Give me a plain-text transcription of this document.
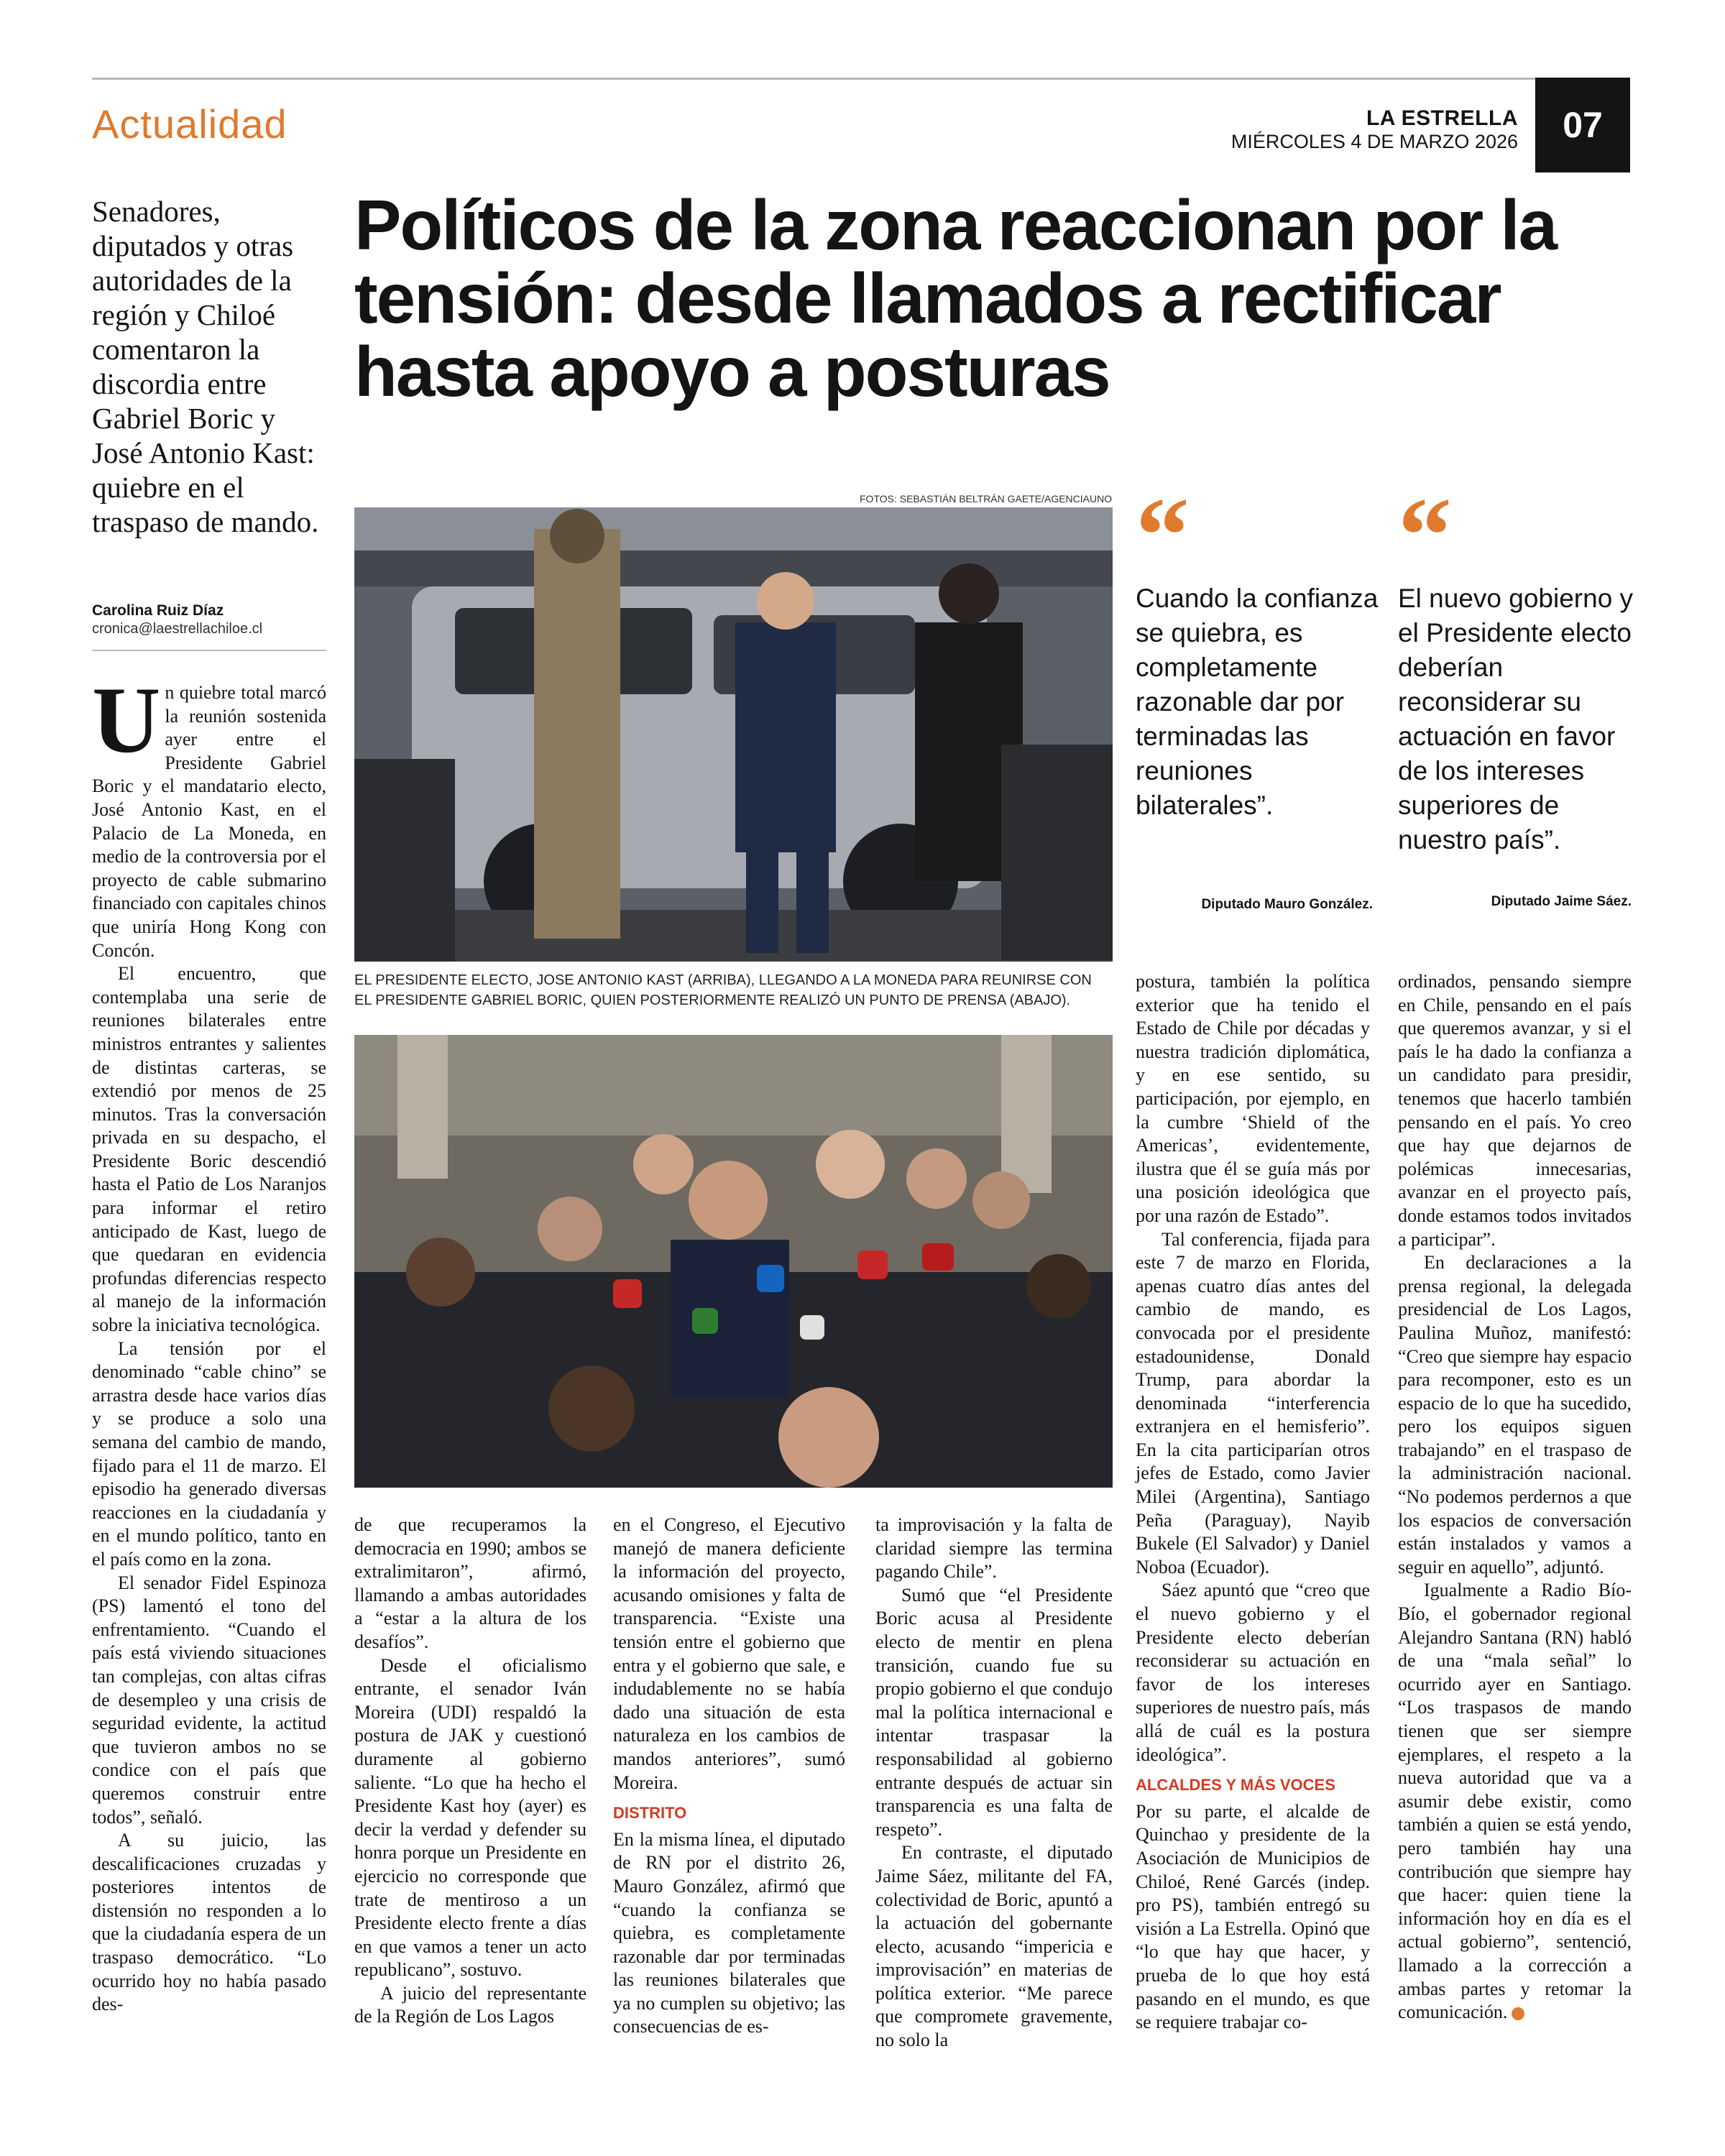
Actualidad	LA ESTRELLA
MIÉRCOLES 4 DE MARZO 2026	07
Senadores, diputados y otras autoridades de la región y Chiloé comentaron la discordia entre Gabriel Boric y José Antonio Kast: quiebre en el traspaso de mando.
Carolina Ruiz Díaz
cronica@laestrellachiloe.cl
Políticos de la zona reaccionan por la tensión: desde llamados a rectificar hasta apoyo a posturas
FOTOS: SEBASTIÁN BELTRÁN GAETE/AGENCIAUNO
EL PRESIDENTE ELECTO, JOSE ANTONIO KAST (ARRIBA), LLEGANDO A LA MONEDA PARA REUNIRSE CON EL PRESIDENTE GABRIEL BORIC, QUIEN POSTERIORMENTE REALIZÓ UN PUNTO DE PRENSA (ABAJO).
“
Cuando la confianza se quiebra, es completamente razonable dar por terminadas las reuniones bilaterales”.
Diputado Mauro González.
“
El nuevo gobierno y el Presidente electo deberían reconsiderar su actuación en favor de los intereses superiores de nuestro país”.
Diputado Jaime Sáez.

Un quiebre total marcó la reunión sostenida ayer entre el Presidente Gabriel Boric y el mandatario electo, José Antonio Kast, en el Palacio de La Moneda, en medio de la controversia por el proyecto de cable submarino financiado con capitales chinos que uniría Hong Kong con Concón.

El encuentro, que contemplaba una serie de reuniones bilaterales entre ministros entrantes y salientes de distintas carteras, se extendió por menos de 25 minutos. Tras la conversación privada en su despacho, el Presidente Boric descendió hasta el Patio de Los Naranjos para informar el retiro anticipado de Kast, luego de que quedaran en evidencia profundas diferencias respecto al manejo de la información sobre la iniciativa tecnológica.

La tensión por el denominado “cable chino” se arrastra desde hace varios días y se produce a solo una semana del cambio de mando, fijado para el 11 de marzo. El episodio ha generado diversas reacciones en la ciudadanía y en el mundo político, tanto en el país como en la zona.

El senador Fidel Espinoza (PS) lamentó el tono del enfrentamiento. “Cuando el país está viviendo situaciones tan complejas, con altas cifras de desempleo y una crisis de seguridad evidente, la actitud que tuvieron ambos no se condice con el país que queremos construir entre todos”, señaló.

A su juicio, las descalificaciones cruzadas y posteriores intentos de distensión no responden a lo que la ciudadanía espera de un traspaso democrático. “Lo ocurrido hoy no había pasado des-

de que recuperamos la democracia en 1990; ambos se extralimitaron”, afirmó, llamando a ambas autoridades a “estar a la altura de los desafíos”.

Desde el oficialismo entrante, el senador Iván Moreira (UDI) respaldó la postura de JAK y cuestionó duramente al gobierno saliente. “Lo que ha hecho el Presidente Kast hoy (ayer) es decir la verdad y defender su honra porque un Presidente en ejercicio no corresponde que trate de mentiroso a un Presidente electo frente a días en que vamos a tener un acto republicano”, sostuvo.

A juicio del representante de la Región de Los Lagos

en el Congreso, el Ejecutivo manejó de manera deficiente la información del proyecto, acusando omisiones y falta de transparencia. “Existe una tensión entre el gobierno que entra y el gobierno que sale, e indudablemente no se había dado una situación de esta naturaleza en los cambios de mandos anteriores”, sumó Moreira.

DISTRITO

En la misma línea, el diputado de RN por el distrito 26, Mauro González, afirmó que “cuando la confianza se quiebra, es completamente razonable dar por terminadas las reuniones bilaterales que ya no cumplen su objetivo; las consecuencias de es-

ta improvisación y la falta de claridad siempre las termina pagando Chile”.

Sumó que “el Presidente Boric acusa al Presidente electo de mentir en plena transición, cuando fue su propio gobierno el que condujo mal la política internacional e intentar traspasar la responsabilidad al gobierno entrante después de actuar sin transparencia es una falta de respeto”.

En contraste, el diputado Jaime Sáez, militante del FA, colectividad de Boric, apuntó a la actuación del gobernante electo, acusando “impericia e improvisación” en materias de política exterior. “Me parece que compromete gravemente, no solo la

postura, también la política exterior que ha tenido el Estado de Chile por décadas y nuestra tradición diplomática, y en ese sentido, su participación, por ejemplo, en la cumbre ‘Shield of the Americas’, evidentemente, ilustra que él se guía más por una posición ideológica que por una razón de Estado”.

Tal conferencia, fijada para este 7 de marzo en Florida, apenas cuatro días antes del cambio de mando, es convocada por el presidente estadounidense, Donald Trump, para abordar la denominada “interferencia extranjera en el hemisferio”. En la cita participarían otros jefes de Estado, como Javier Milei (Argentina), Santiago Peña (Paraguay), Nayib Bukele (El Salvador) y Daniel Noboa (Ecuador).

Sáez apuntó que “creo que el nuevo gobierno y el Presidente electo deberían reconsiderar su actuación en favor de los intereses superiores de nuestro país, más allá de cuál es la postura ideológica”.

ALCALDES Y MÁS VOCES

Por su parte, el alcalde de Quinchao y presidente de la Asociación de Municipios de Chiloé, René Garcés (indep. pro PS), también entregó su visión a La Estrella. Opinó que “lo que hay que hacer, y prueba de lo que hoy está pasando en el mundo, es que se requiere trabajar co-

ordinados, pensando siempre en Chile, pensando en el país que queremos avanzar, y si el país le ha dado la confianza a un candidato para presidir, tenemos que hacerlo también pensando en el país. Yo creo que hay que dejarnos de polémicas innecesarias, avanzar en el proyecto país, donde estamos todos invitados a participar”.

En declaraciones a la prensa regional, la delegada presidencial de Los Lagos, Paulina Muñoz, manifestó: “Creo que siempre hay espacio para recomponer, esto es un espacio de lo que ha sucedido, pero los equipos siguen trabajando” en el traspaso de la administración nacional. “No podemos perdernos a que los espacios de conversación están instalados y vamos a seguir en aquello”, adjuntó.

Igualmente a Radio Bío-Bío, el gobernador regional Alejandro Santana (RN) habló de una “mala señal” lo ocurrido ayer en Santiago. “Los traspasos de mando tienen que ser siempre ejemplares, el respeto a la nueva autoridad que va a asumir debe existir, como también a quien se está yendo, pero también hay una contribución que siempre hay que hacer: quien tiene la información hoy en día es el actual gobierno”, sentenció, llamado a la corrección a ambas partes y retomar la comunicación.
